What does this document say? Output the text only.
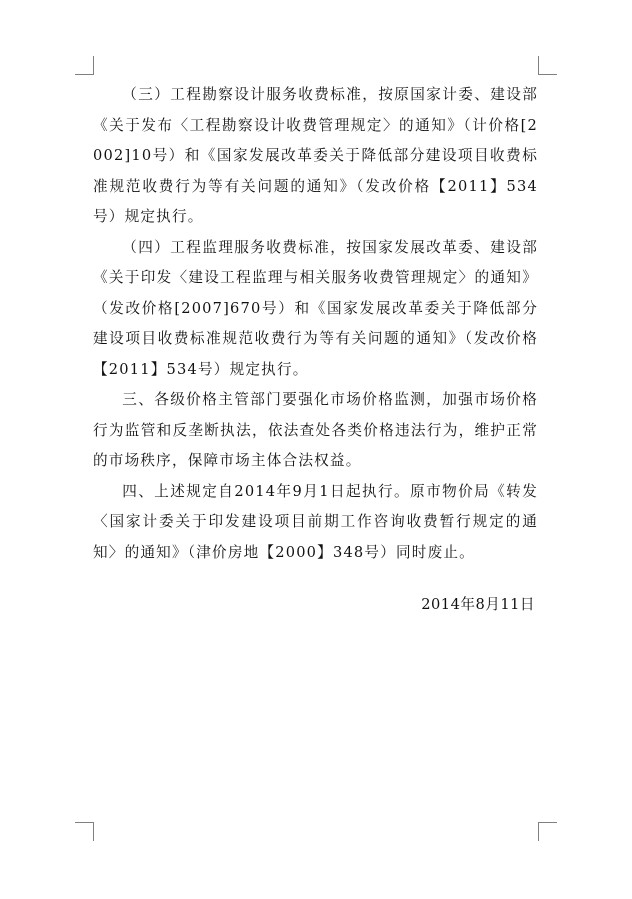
（三）工程勘察设计服务收费标准，按原国家计委、建设部《关于发布〈工程勘察设计收费管理规定〉的通知》（计价格[2002]10号）和《国家发展改革委关于降低部分建设项目收费标准规范收费行为等有关问题的通知》（发改价格【2011】534号）规定执行。

（四）工程监理服务收费标准，按国家发展改革委、建设部《关于印发〈建设工程监理与相关服务收费管理规定〉的通知》（发改价格[2007]670号）和《国家发展改革委关于降低部分建设项目收费标准规范收费行为等有关问题的通知》（发改价格【2011】534号）规定执行。

三、各级价格主管部门要强化市场价格监测，加强市场价格行为监管和反垄断执法，依法查处各类价格违法行为，维护正常的市场秩序，保障市场主体合法权益。

四、上述规定自2014年9月1日起执行。原市物价局《转发〈国家计委关于印发建设项目前期工作咨询收费暂行规定的通知〉的通知》（津价房地【2000】348号）同时废止。

2014年8月11日
